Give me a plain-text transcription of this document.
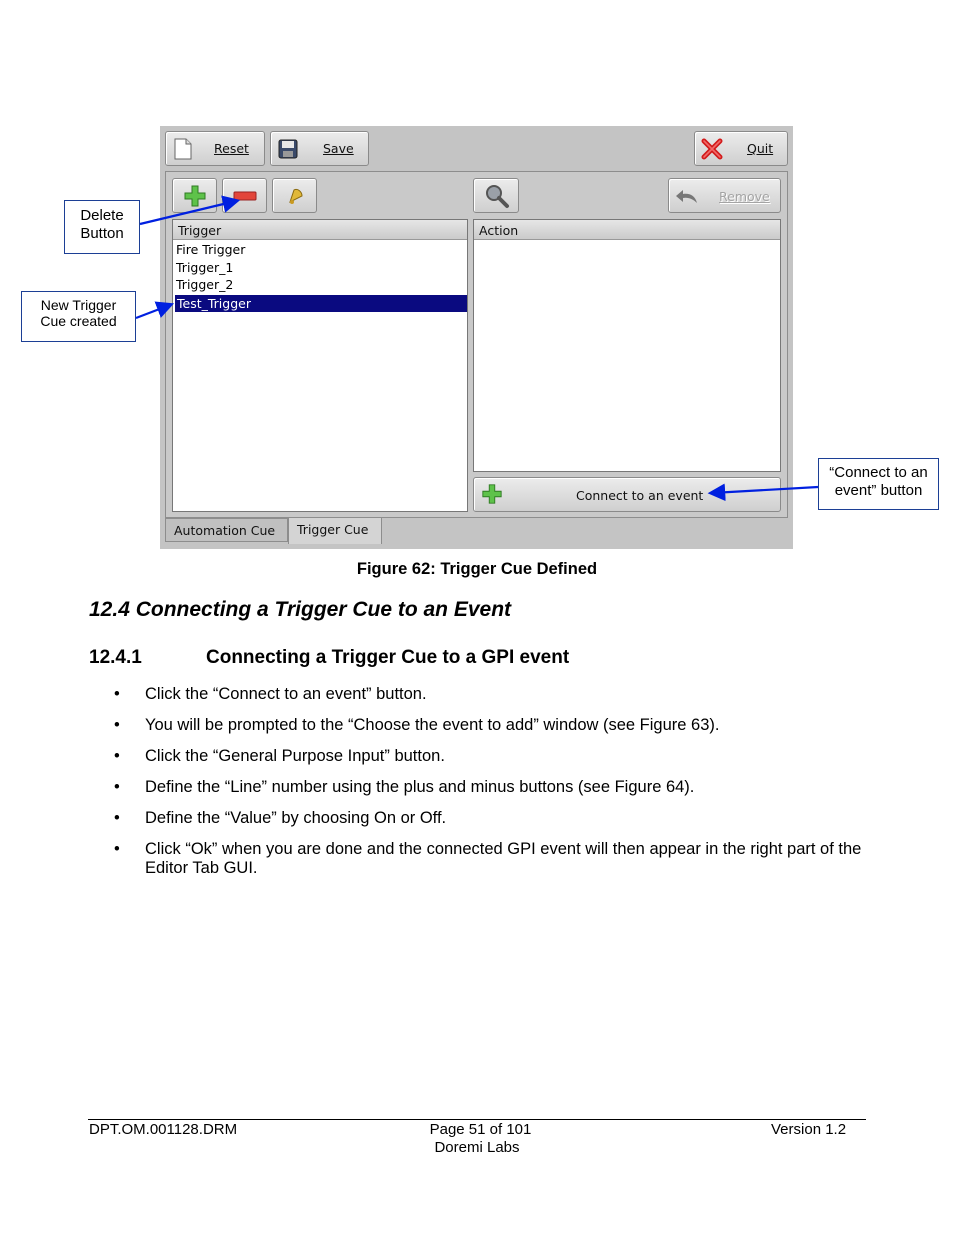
Reset	Save	Quit
Remove
Trigger
Fire Trigger
Trigger_1
Trigger_2
Test_Trigger
Action
Connect to an event
Automation Cue	Trigger Cue
Delete
Button
New Trigger
Cue created
“Connect to an
event” button
Figure 62: Trigger Cue Defined
12.4 Connecting a Trigger Cue to an Event
12.4.1	Connecting a Trigger Cue to a GPI event
• Click the “Connect to an event” button.
• You will be prompted to the “Choose the event to add” window (see Figure 63).
• Click the “General Purpose Input” button.
• Define the “Line” number using the plus and minus buttons (see Figure 64).
• Define the “Value” by choosing On or Off.
• Click “Ok” when you are done and the connected GPI event will then appear in the right part of the Editor Tab GUI.
DPT.OM.001128.DRM	Page 51 of 101
Doremi Labs
Version 1.2
